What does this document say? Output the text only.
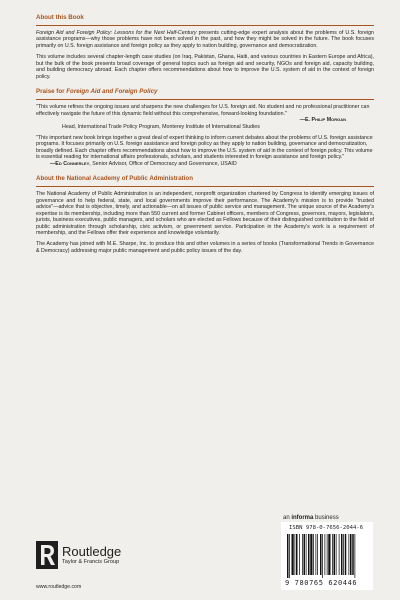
About this Book

Foreign Aid and Foreign Policy: Lessons for the Next Half-Century presents cutting-edge expert analysis about the problems of U.S. foreign assistance programs—why those problems have not been solved in the past, and how they might be solved in the future. The book focuses primarily on U.S. foreign assistance and foreign policy as they apply to nation building, governance and democratization.

This volume includes several chapter-length case studies (on Iraq, Pakistan, Ghana, Haiti, and various countries in Eastern Europe and Africa), but the bulk of the book presents broad coverage of general topics such as foreign aid and security, NGOs and foreign aid, capacity building, and building democracy abroad. Each chapter offers recommendations about how to improve the U.S. system of aid in the context of foreign policy.

Praise for Foreign Aid and Foreign Policy

"This volume refines the ongoing issues and sharpens the new challenges for U.S. foreign aid. No student and no professional practitioner can effectively navigate the future of this dynamic field without this comprehensive, forward-looking foundation."

—E. Philip Morgan
Head, International Trade Policy Program, Monterey Institute of International Studies

"This important new book brings together a great deal of expert thinking to inform current debates about the problems of U.S. foreign assistance programs. It focuses primarily on U.S. foreign assistance and foreign policy as they apply to nation building, governance and democratization, broadly defined. Each chapter offers recommendations about how to improve the U.S. system of aid in the context of foreign policy. This volume is essential reading for international affairs professionals, scholars, and students interested in foreign assistance and foreign policy."

—Ed Connerley, Senior Advisor, Office of Democracy and Governance, USAID
About the National Academy of Public Administration

The National Academy of Public Administration is an independent, nonprofit organization chartered by Congress to identify emerging issues of governance and to help federal, state, and local governments improve their performance. The Academy's mission is to provide "trusted advice"—advice that is objective, timely, and actionable—on all issues of public service and management. The unique source of the Academy's expertise is its membership, including more than 550 current and former Cabinet officers, members of Congress, governors, mayors, legislators, jurists, business executives, public managers, and scholars who are elected as Fellows because of their distinguished contribution to the field of public administration through scholarship, civic activism, or government service. Participation in the Academy's work is a requirement of membership, and the Fellows offer their experience and knowledge voluntarily.

The Academy has joined with M.E. Sharpe, Inc. to produce this and other volumes in a series of books (Transformational Trends in Governance & Democracy) addressing major public management and public policy issues of the day.

Routledge
Taylor & Francis Group
www.routledge.com
an informa business
ISBN 978-0-7656-2044-6
9 780765 620446
